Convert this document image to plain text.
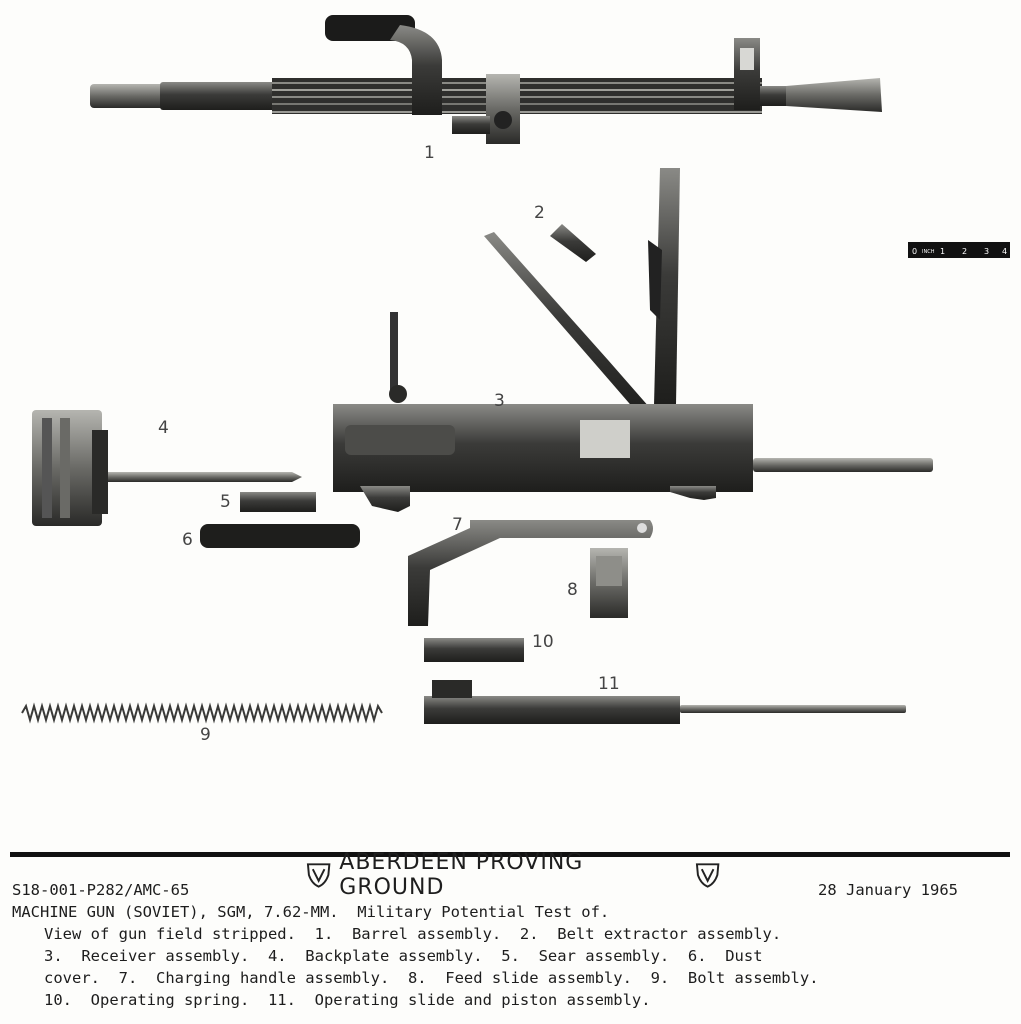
0 INCH 1 2 3 4
1
2
3
4
5
6
7
8
9
10
11
ABERDEEN PROVING GROUND
S18-001-P282/AMC-65	28 January 1965
MACHINE GUN (SOVIET), SGM, 7.62-MM.  Military Potential Test of.
View of gun field stripped.  1.  Barrel assembly.  2.  Belt extractor assembly.
3.  Receiver assembly.  4.  Backplate assembly.  5.  Sear assembly.  6.  Dust
cover.  7.  Charging handle assembly.  8.  Feed slide assembly.  9.  Bolt assembly.
10.  Operating spring.  11.  Operating slide and piston assembly.
